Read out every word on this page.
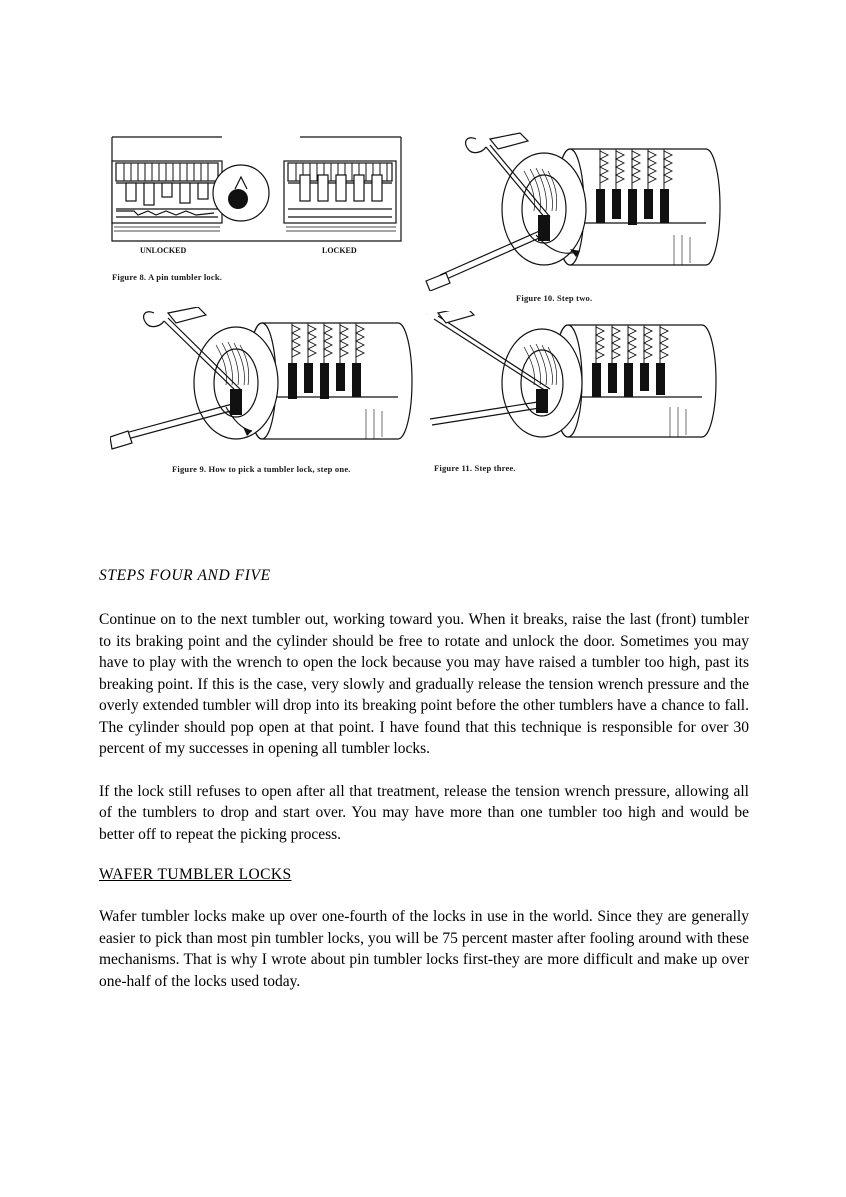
UNLOCKED	LOCKED
Figure 8. A pin tumbler lock.
Figure 10. Step two.
Figure 9. How to pick a tumbler lock, step one.	Figure 11. Step three.
STEPS FOUR AND FIVE

Continue on to the next tumbler out, working toward you. When it breaks, raise the last (front) tumbler to its braking point and the cylinder should be free to rotate and unlock the door. Sometimes you may have to play with the wrench to open the lock because you may have raised a tumbler too high, past its breaking point. If this is the case, very slowly and gradually release the tension wrench pressure and the overly extended tumbler will drop into its breaking point before the other tumblers have a chance to fall. The cylinder should pop open at that point. I have found that this technique is responsible for over 30 percent of my successes in opening all tumbler locks.

If the lock still refuses to open after all that treatment, release the tension wrench pressure, allowing all of the tumblers to drop and start over. You may have more than one tumbler too high and would be better off to repeat the picking process.

WAFER TUMBLER LOCKS

Wafer tumbler locks make up over one-fourth of the locks in use in the world. Since they are generally easier to pick than most pin tumbler locks, you will be 75 percent master after fooling around with these mechanisms. That is why I wrote about pin tumbler locks first-they are more difficult and make up over one-half of the locks used today.
